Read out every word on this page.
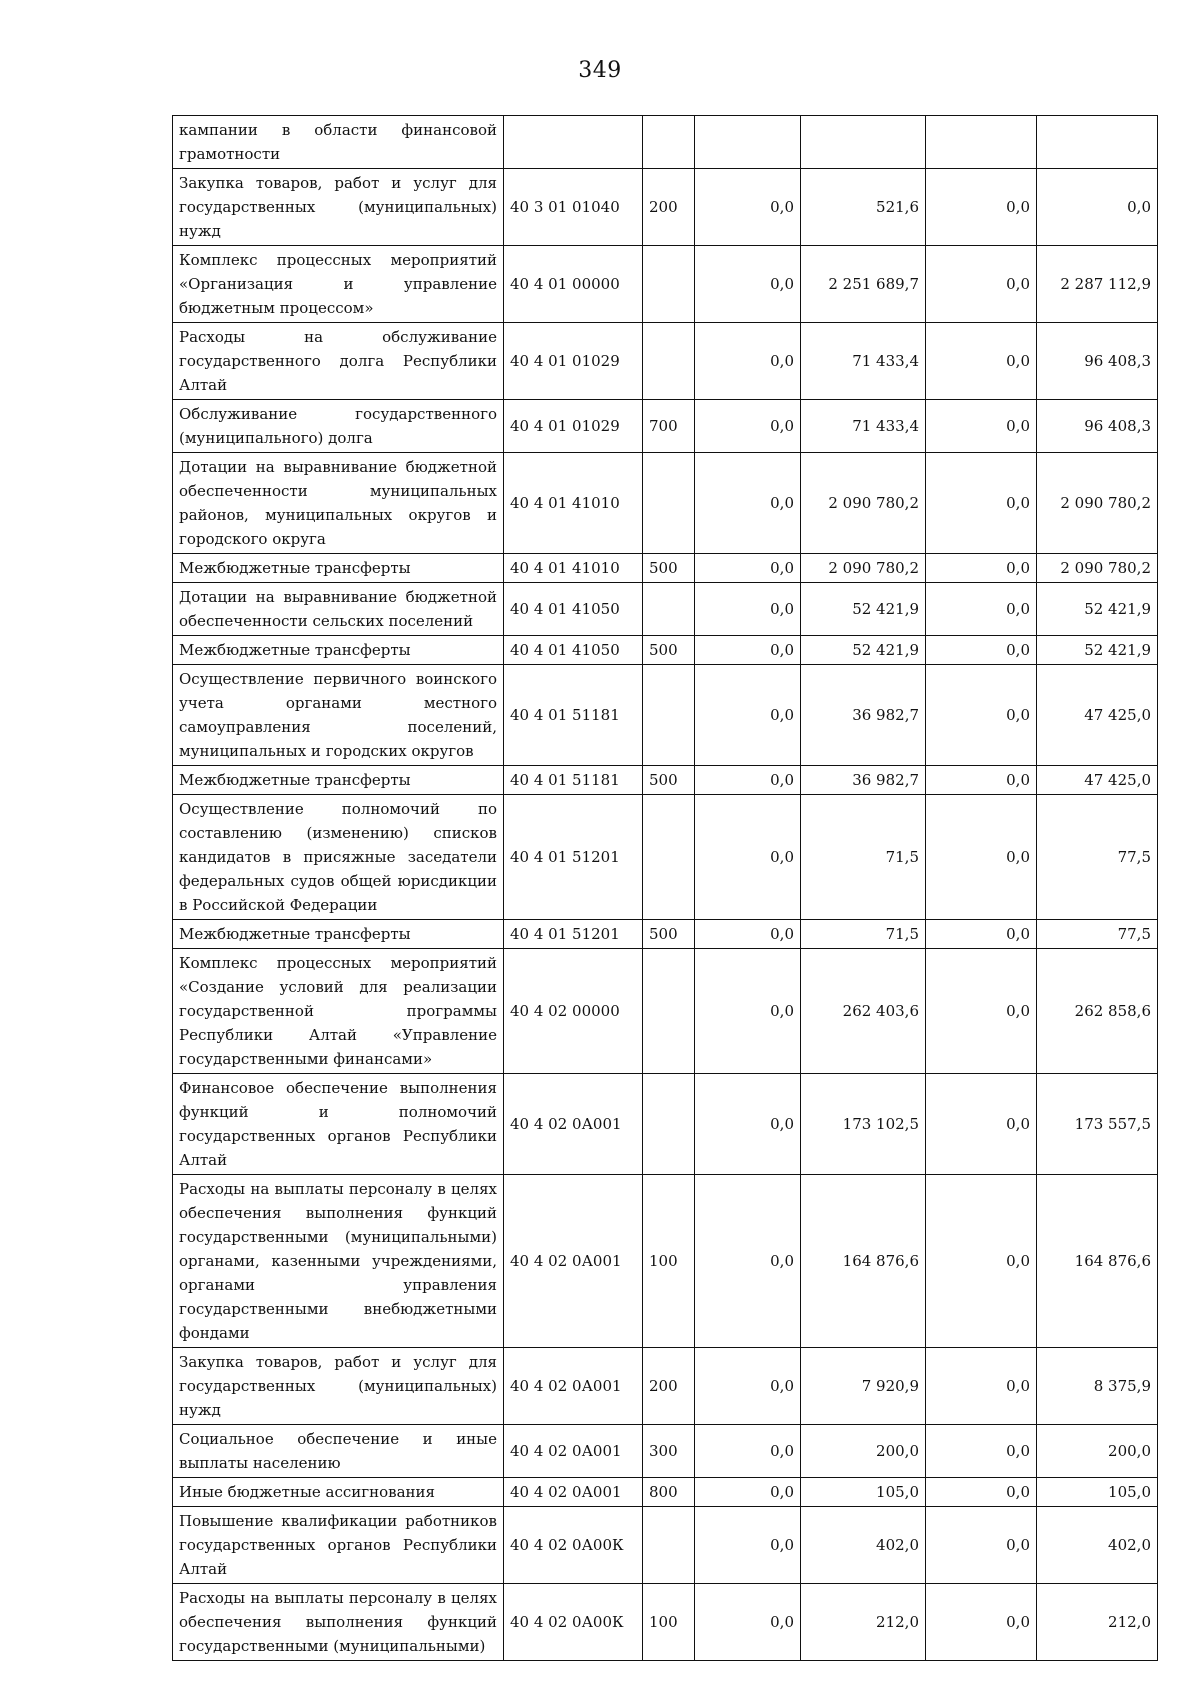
349
кампании в области финансовой грамотности						
Закупка товаров, работ и услуг для государственных (муниципальных) нужд	40 3 01 01040	200	0,0	521,6	0,0	0,0
Комплекс процессных мероприятий «Организация и управление бюджетным процессом»	40 4 01 00000		0,0	2 251 689,7	0,0	2 287 112,9
Расходы на обслуживание государственного долга Республики Алтай	40 4 01 01029		0,0	71 433,4	0,0	96 408,3
Обслуживание государственного (муниципального) долга	40 4 01 01029	700	0,0	71 433,4	0,0	96 408,3
Дотации на выравнивание бюджетной обеспеченности муниципальных районов, муниципальных округов и городского округа	40 4 01 41010		0,0	2 090 780,2	0,0	2 090 780,2
Межбюджетные трансферты	40 4 01 41010	500	0,0	2 090 780,2	0,0	2 090 780,2
Дотации на выравнивание бюджетной обеспеченности сельских поселений	40 4 01 41050		0,0	52 421,9	0,0	52 421,9
Межбюджетные трансферты	40 4 01 41050	500	0,0	52 421,9	0,0	52 421,9
Осуществление первичного воинского учета органами местного самоуправления поселений, муниципальных и городских округов	40 4 01 51181		0,0	36 982,7	0,0	47 425,0
Межбюджетные трансферты	40 4 01 51181	500	0,0	36 982,7	0,0	47 425,0
Осуществление полномочий по составлению (изменению) списков кандидатов в присяжные заседатели федеральных судов общей юрисдикции в Российской Федерации	40 4 01 51201		0,0	71,5	0,0	77,5
Межбюджетные трансферты	40 4 01 51201	500	0,0	71,5	0,0	77,5
Комплекс процессных мероприятий «Создание условий для реализации государственной программы Республики Алтай «Управление государственными финансами»	40 4 02 00000		0,0	262 403,6	0,0	262 858,6
Финансовое обеспечение выполнения функций и полномочий государственных органов Республики Алтай	40 4 02 0А001		0,0	173 102,5	0,0	173 557,5
Расходы на выплаты персоналу в целях обеспечения выполнения функций государственными (муниципальными) органами, казенными учреждениями, органами управления государственными внебюджетными фондами	40 4 02 0А001	100	0,0	164 876,6	0,0	164 876,6
Закупка товаров, работ и услуг для государственных (муниципальных) нужд	40 4 02 0А001	200	0,0	7 920,9	0,0	8 375,9
Социальное обеспечение и иные выплаты населению	40 4 02 0А001	300	0,0	200,0	0,0	200,0
Иные бюджетные ассигнования	40 4 02 0А001	800	0,0	105,0	0,0	105,0
Повышение квалификации работников государственных органов Республики Алтай	40 4 02 0А00К		0,0	402,0	0,0	402,0
Расходы на выплаты персоналу в целях обеспечения выполнения функций государственными (муниципальными)	40 4 02 0А00К	100	0,0	212,0	0,0	212,0
